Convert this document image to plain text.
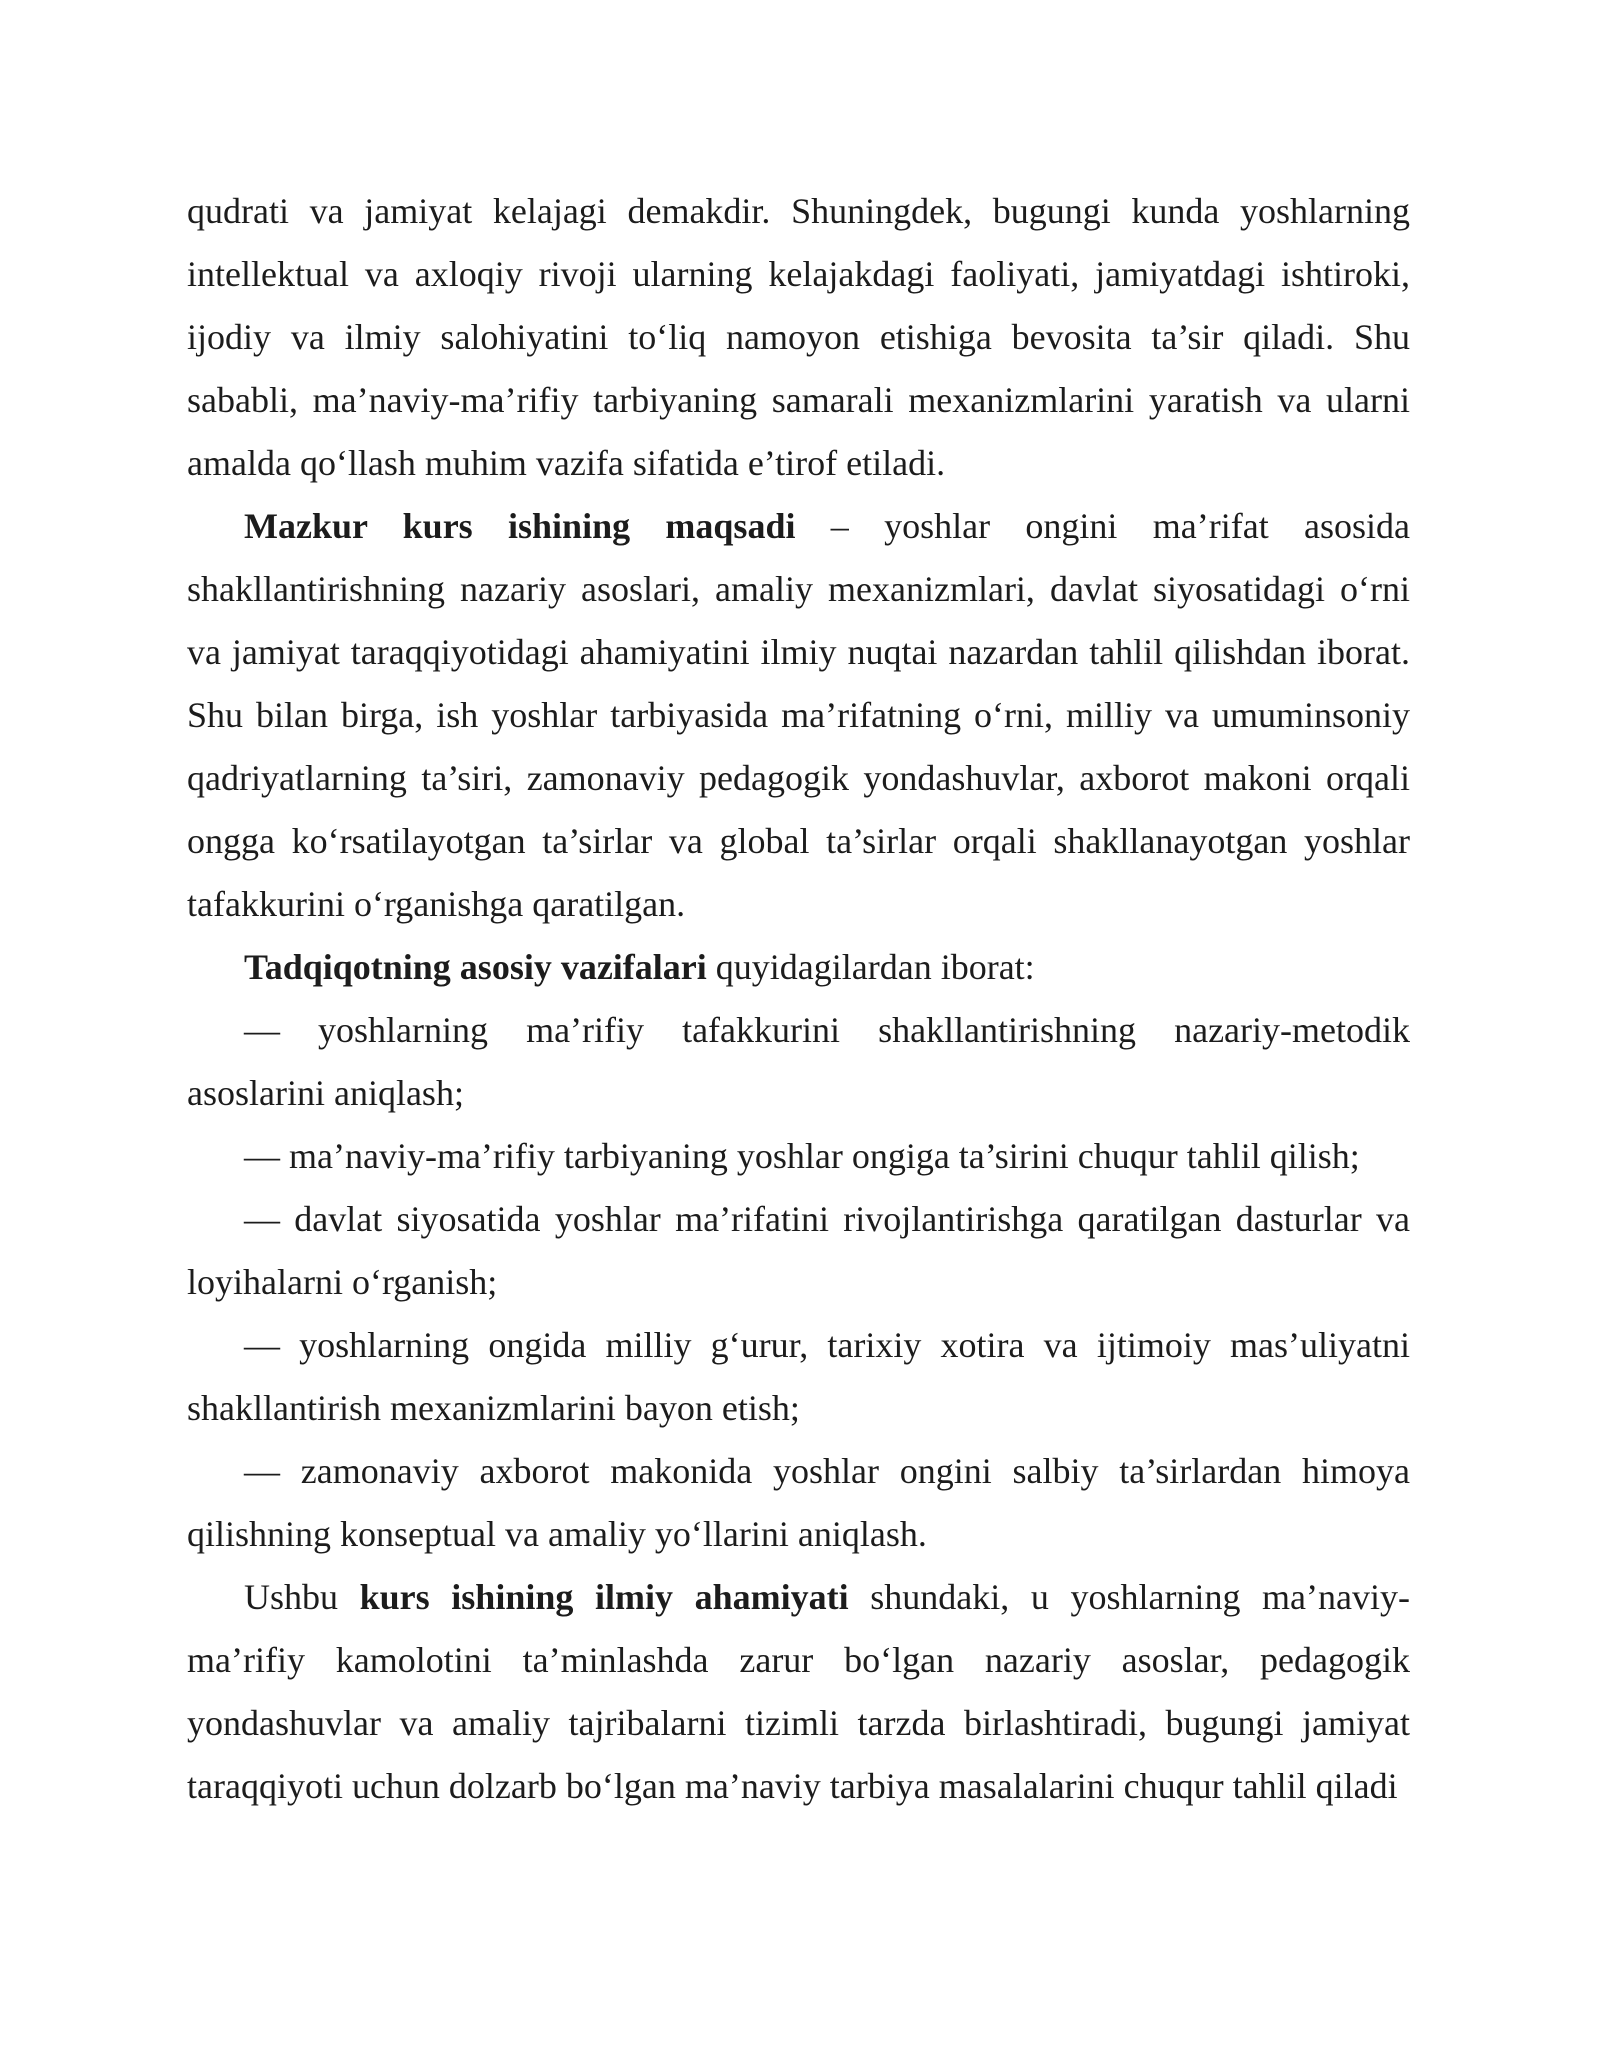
qudrati va jamiyat kelajagi demakdir. Shuningdek, bugungi kunda yoshlarning intellektual va axloqiy rivoji ularning kelajakdagi faoliyati, jamiyatdagi ishtiroki, ijodiy va ilmiy salohiyatini to‘liq namoyon etishiga bevosita ta’sir qiladi. Shu sababli, ma’naviy-ma’rifiy tarbiyaning samarali mexanizmlarini yaratish va ularni amalda qo‘llash muhim vazifa sifatida e’tirof etiladi.

Mazkur kurs ishining maqsadi – yoshlar ongini ma’rifat asosida shakllantirishning nazariy asoslari, amaliy mexanizmlari, davlat siyosatidagi o‘rni va jamiyat taraqqiyotidagi ahamiyatini ilmiy nuqtai nazardan tahlil qilishdan iborat. Shu bilan birga, ish yoshlar tarbiyasida ma’rifatning o‘rni, milliy va umuminsoniy qadriyatlarning ta’siri, zamonaviy pedagogik yondashuvlar, axborot makoni orqali ongga ko‘rsatilayotgan ta’sirlar va global ta’sirlar orqali shakllanayotgan yoshlar tafakkurini o‘rganishga qaratilgan.

Tadqiqotning asosiy vazifalari quyidagilardan iborat:

— yoshlarning ma’rifiy tafakkurini shakllantirishning nazariy-metodik asoslarini aniqlash;

— ma’naviy-ma’rifiy tarbiyaning yoshlar ongiga ta’sirini chuqur tahlil qilish;

— davlat siyosatida yoshlar ma’rifatini rivojlantirishga qaratilgan dasturlar va loyihalarni o‘rganish;

— yoshlarning ongida milliy g‘urur, tarixiy xotira va ijtimoiy mas’uliyatni shakllantirish mexanizmlarini bayon etish;

— zamonaviy axborot makonida yoshlar ongini salbiy ta’sirlardan himoya qilishning konseptual va amaliy yo‘llarini aniqlash.

Ushbu kurs ishining ilmiy ahamiyati shundaki, u yoshlarning ma’naviy-ma’rifiy kamolotini ta’minlashda zarur bo‘lgan nazariy asoslar, pedagogik yondashuvlar va amaliy tajribalarni tizimli tarzda birlashtiradi, bugungi jamiyat taraqqiyoti uchun dolzarb bo‘lgan ma’naviy tarbiya masalalarini chuqur tahlil qiladi
